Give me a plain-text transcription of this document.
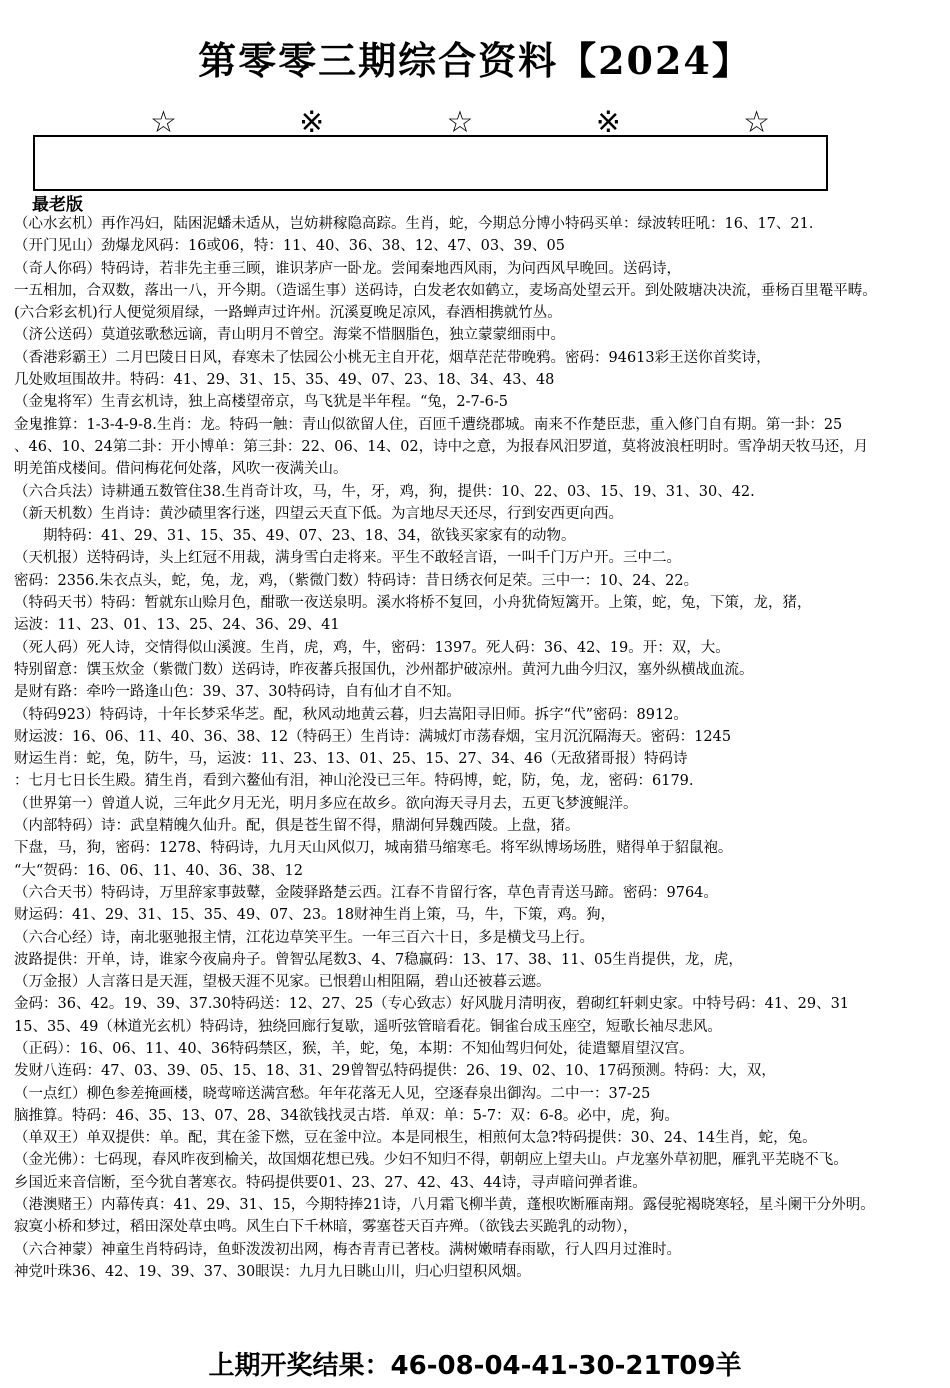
第零零三期综合资料【2024】
☆	※	☆	※	☆
最老版
（心水玄机）再作冯妇，陆困泥蟠未适从，岂妨耕稼隐高踪。生肖，蛇，今期总分博小特码买单：绿波转旺吼：16、17、21．
（开门见山）劲爆龙风码：16或06，特：11、40、36、38、12、47、03、39、05
（奇人你码）特码诗，若非先主垂三顾，谁识茅庐一卧龙。尝闻秦地西风雨，为问西风早晚回。送码诗，
一五相加，合双数，落出一八，开今期。（造谣生事）送码诗，白发老农如鹤立，麦场高处望云开。到处陂塘决决流，垂杨百里罨平畴。
(六合彩玄机)行人便觉须眉绿，一路蝉声过许州。沉溪夏晚足凉风，春酒相携就竹丛。
（济公送码）莫道弦歌愁远谪，青山明月不曾空。海棠不惜胭脂色，独立蒙蒙细雨中。
（香港彩霸王）二月巴陵日日风，春寒未了怯园公小桃无主自开花，烟草茫茫带晚鸦。密码：94613彩王送你首奖诗，
几处败垣围故井。特码：41、29、31、15、35、49、07、23、18、34、43、48
（金鬼将军）生青玄机诗，独上高楼望帝京，鸟飞犹是半年程。“兔，2-7-6-5
金鬼推算：1-3-4-9-8.生肖：龙。特码一触：青山似欲留人住，百匝千遭绕郡城。南来不作楚臣悲，重入修门自有期。第一卦：25
、46、10、24第二卦：开小博单：第三卦：22、06、14、02，诗中之意，为报春风汨罗道，莫将波浪枉明时。雪净胡天牧马还，月
明羌笛戍楼间。借问梅花何处落，风吹一夜满关山。
（六合兵法）诗耕通五数管住38.生肖奇计攻，马，牛，牙，鸡，狗，提供：10、22、03、15、19、31、30、42.
（新天机数）生肖诗：黄沙碛里客行迷，四望云天直下低。为言地尽天还尽，行到安西更向西。
　　期特码：41、29、31、15、35、49、07、23、18、34，欲钱买家家有的动物。
（天机报）送特码诗，头上红冠不用裁，满身雪白走将来。平生不敢轻言语，一叫千门万户开。三中二。
密码：2356.朱衣点头，蛇，兔，龙，鸡，（紫微门数）特码诗：昔日绣衣何足荣。三中一：10、24、22。
（特码天书）特码：暂就东山赊月色，酣歌一夜送泉明。溪水将桥不复回，小舟犹倚短篱开。上策，蛇，兔，下策，龙，猪，
运波：11、23、01、13、25、24、36、29、41
（死人码）死人诗，交情得似山溪渡。生肖，虎，鸡，牛，密码：1397。死人码：36、42、19。开：双，大。
特别留意：馔玉炊金（紫微门数）送码诗，昨夜蕃兵报国仇，沙州都护破凉州。黄河九曲今归汉，塞外纵横战血流。
是财有路：牵吟一路逢山色：39、37、30特码诗，自有仙才自不知。
（特码923）特码诗，十年长梦采华芝。配，秋风动地黄云暮，归去嵩阳寻旧师。拆字“代”密码：8912。
财运波：16、06、11、40、36、38、12（特码王）生肖诗：满城灯市荡春烟，宝月沉沉隔海天。密码：1245
财运生肖：蛇，兔，防牛，马，运波：11、23、13、01、25、15、27、34、46（无敌猪哥报）特码诗
：七月七日长生殿。猜生肖，看到六鳌仙有泪，神山沦没已三年。特码博，蛇，防，兔，龙，密码：6179.
（世界第一）曾道人说，三年此夕月无光，明月多应在故乡。欲向海天寻月去，五更飞梦渡鲲洋。
（内部特码）诗：武皇精魄久仙升。配，俱是苍生留不得，鼎湖何异魏西陵。上盘，猪。
下盘，马，狗，密码：1278、特码诗，九月天山风似刀，城南猎马缩寒毛。将军纵博场场胜，赌得单于貂鼠袍。
“大“贺码：16、06、11、40、36、38、12
（六合天书）特码诗，万里辞家事鼓鼙，金陵驿路楚云西。江春不肯留行客，草色青青送马蹄。密码：9764。
财运码：41、29、31、15、35、49、07、23。18财神生肖上策，马，牛，下策，鸡。狗，
（六合心经）诗，南北驱驰报主情，江花边草笑平生。一年三百六十日，多是横戈马上行。
波路提供：开单，诗，谁家今夜扁舟子。曾智弘尾数3、4、7稳赢码：13、17、38、11、05生肖提供，龙，虎，
（万金报）人言落日是天涯，望极天涯不见家。已恨碧山相阻隔，碧山还被暮云遮。
金码：36、42。19、39、37.30特码送：12、27、25（专心致志）好风胧月清明夜，碧砌红轩刺史家。中特号码：41、29、31
15、35、49（林道光玄机）特码诗，独绕回廊行复歇，遥听弦管暗看花。铜雀台成玉座空，短歌长袖尽悲风。
（正码）：16、06、11、40、36特码禁区，猴，羊，蛇，兔，本期：不知仙驾归何处，徒遣颦眉望汉宫。
发财八连码：47、03、39、05、15、18、31、29曾智弘特码提供：26、19、02、10、17码预测。特码：大，双，
（一点红）柳色参差掩画楼，晓莺啼送满宫愁。年年花落无人见，空逐春泉出御沟。二中一：37-25
脑推算。特码：46、35、13、07、28、34欲钱找灵古塔．单双：单：5-7：双：6-8。必中，虎，狗。
（单双王）单双提供：单。配，萁在釜下燃，豆在釜中泣。本是同根生，相煎何太急?特码提供：30、24、14生肖，蛇，兔。
（金光佛）：七码现，春风昨夜到榆关，故国烟花想已残。少妇不知归不得，朝朝应上望夫山。卢龙塞外草初肥，雁乳平芜晓不飞。
乡国近来音信断，至今犹自著寒衣。特码提供要01、23、27、42、43、44诗，寻声暗问弹者谁。
（港澳赌王）内幕传真：41、29、31、15，今期特捧21诗，八月霜飞柳半黄，蓬根吹断雁南翔。露侵驼褐晓寒轻，星斗阑干分外明。
寂寞小桥和梦过，稻田深处草虫鸣。风生白下千林暗，雾塞苍天百卉殚。（欲钱去买跪乳的动物），
（六合神蒙）神童生肖特码诗，鱼虾泼泼初出网，梅杏青青已著枝。满树嫩晴春雨歇，行人四月过淮时。
神党叶珠36、42、19、39、37、30眼误：九月九日眺山川，归心归望积风烟。
上期开奖结果：46-08-04-41-30-21T09羊
